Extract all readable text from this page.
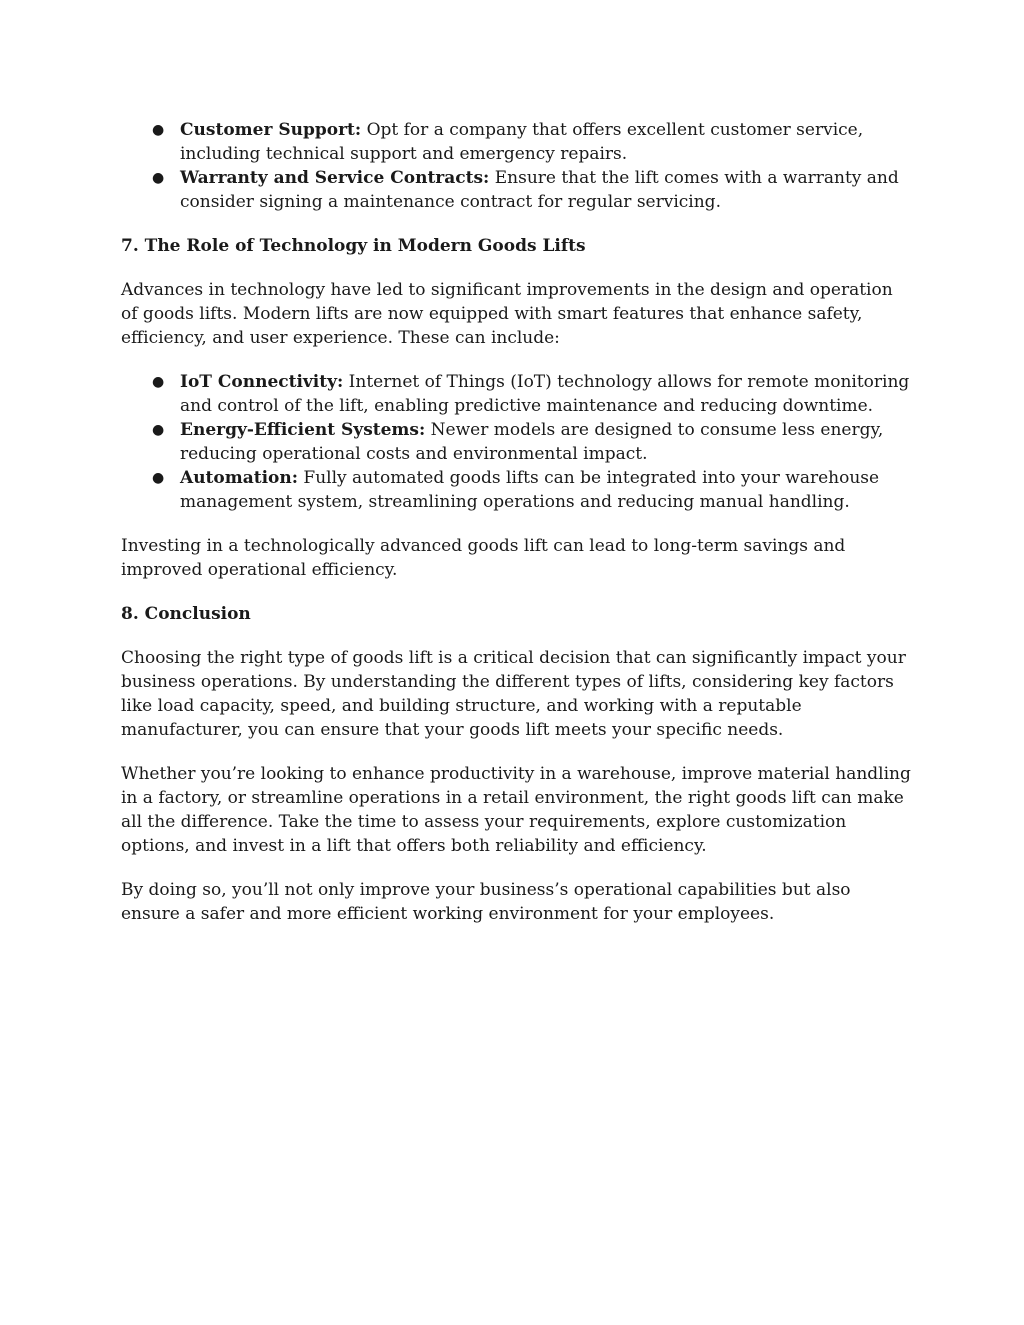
● Customer Support: Opt for a company that offers excellent customer service, including technical support and emergency repairs.
● Warranty and Service Contracts: Ensure that the lift comes with a warranty and consider signing a maintenance contract for regular servicing.
7. The Role of Technology in Modern Goods Lifts

Advances in technology have led to significant improvements in the design and operation of goods lifts. Modern lifts are now equipped with smart features that enhance safety, efficiency, and user experience. These can include:

● IoT Connectivity: Internet of Things (IoT) technology allows for remote monitoring and control of the lift, enabling predictive maintenance and reducing downtime.
● Energy-Efficient Systems: Newer models are designed to consume less energy, reducing operational costs and environmental impact.
● Automation: Fully automated goods lifts can be integrated into your warehouse management system, streamlining operations and reducing manual handling.

Investing in a technologically advanced goods lift can lead to long-term savings and improved operational efficiency.

8. Conclusion

Choosing the right type of goods lift is a critical decision that can significantly impact your business operations. By understanding the different types of lifts, considering key factors like load capacity, speed, and building structure, and working with a reputable manufacturer, you can ensure that your goods lift meets your specific needs.

Whether you’re looking to enhance productivity in a warehouse, improve material handling in a factory, or streamline operations in a retail environment, the right goods lift can make all the difference. Take the time to assess your requirements, explore customization options, and invest in a lift that offers both reliability and efficiency.

By doing so, you’ll not only improve your business’s operational capabilities but also ensure a safer and more efficient working environment for your employees.
